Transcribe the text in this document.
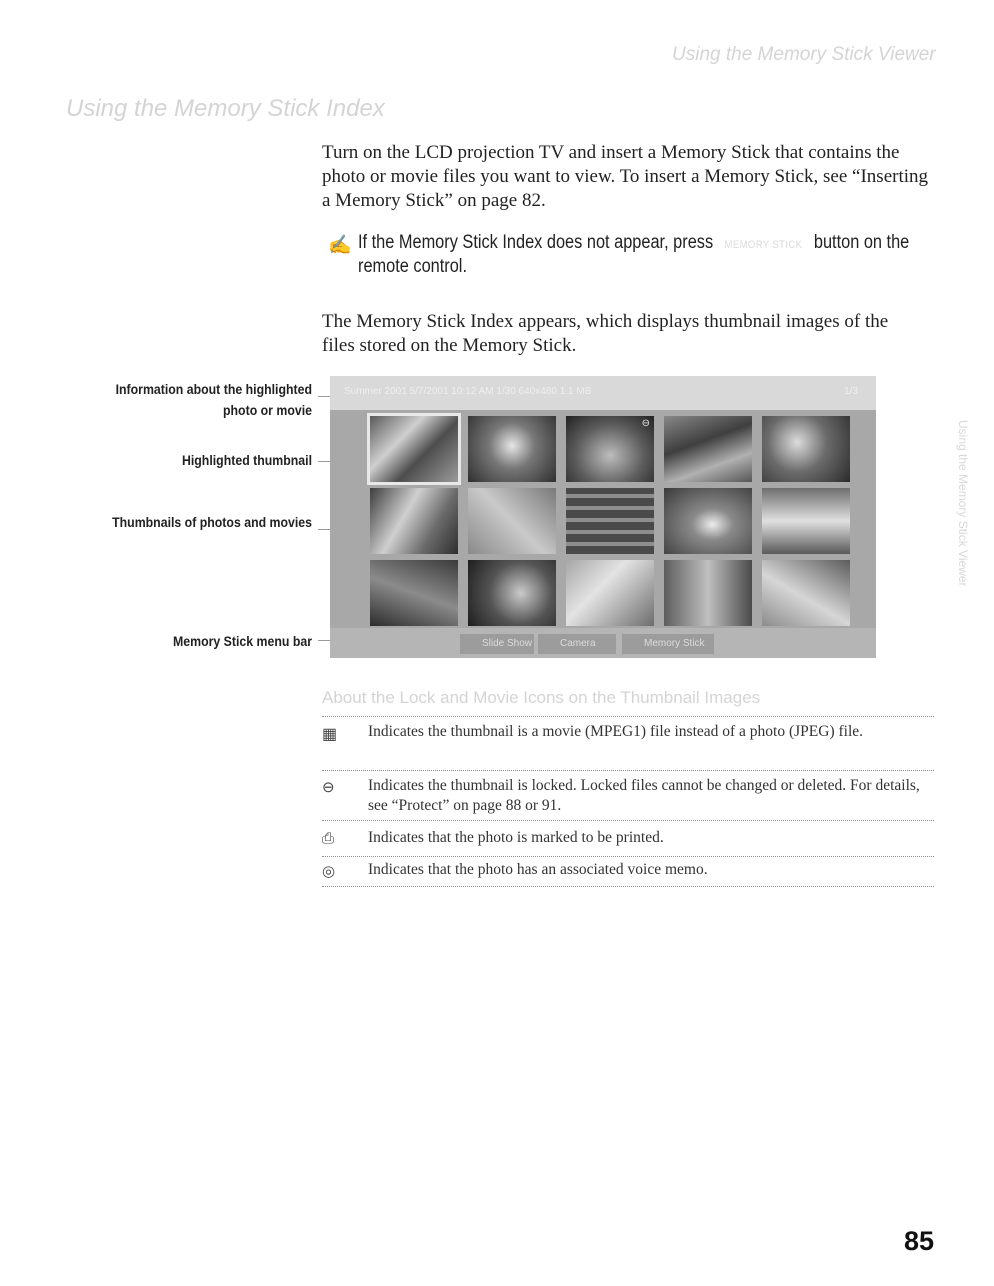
Using the Memory Stick Viewer
Using the Memory Stick Index
Turn on the LCD projection TV and insert a Memory Stick that contains the photo or movie files you want to view. To insert a Memory Stick, see “Inserting a Memory Stick” on page 82.
✍ If the Memory Stick Index does not appear, press MEMORY STICK button on the
remote control.
The Memory Stick Index appears, which displays thumbnail images of the files stored on the Memory Stick.
Information about the highlighted photo or movie
Highlighted thumbnail
Thumbnails of photos and movies
Memory Stick menu bar
Summer 2001 5/7/2001 10:12 AM 1/30 640x480 1.1 MB	1/3
⊖
Slide Show	Camera	Memory Stick
Using the Memory Stick Viewer
About the Lock and Movie Icons on the Thumbnail Images
▦	Indicates the thumbnail is a movie (MPEG1) file instead of a photo (JPEG) file.
⊖	Indicates the thumbnail is locked. Locked files cannot be changed or deleted. For details, see “Protect” on page 88 or 91.
⎙	Indicates that the photo is marked to be printed.
◎	Indicates that the photo has an associated voice memo.
85
